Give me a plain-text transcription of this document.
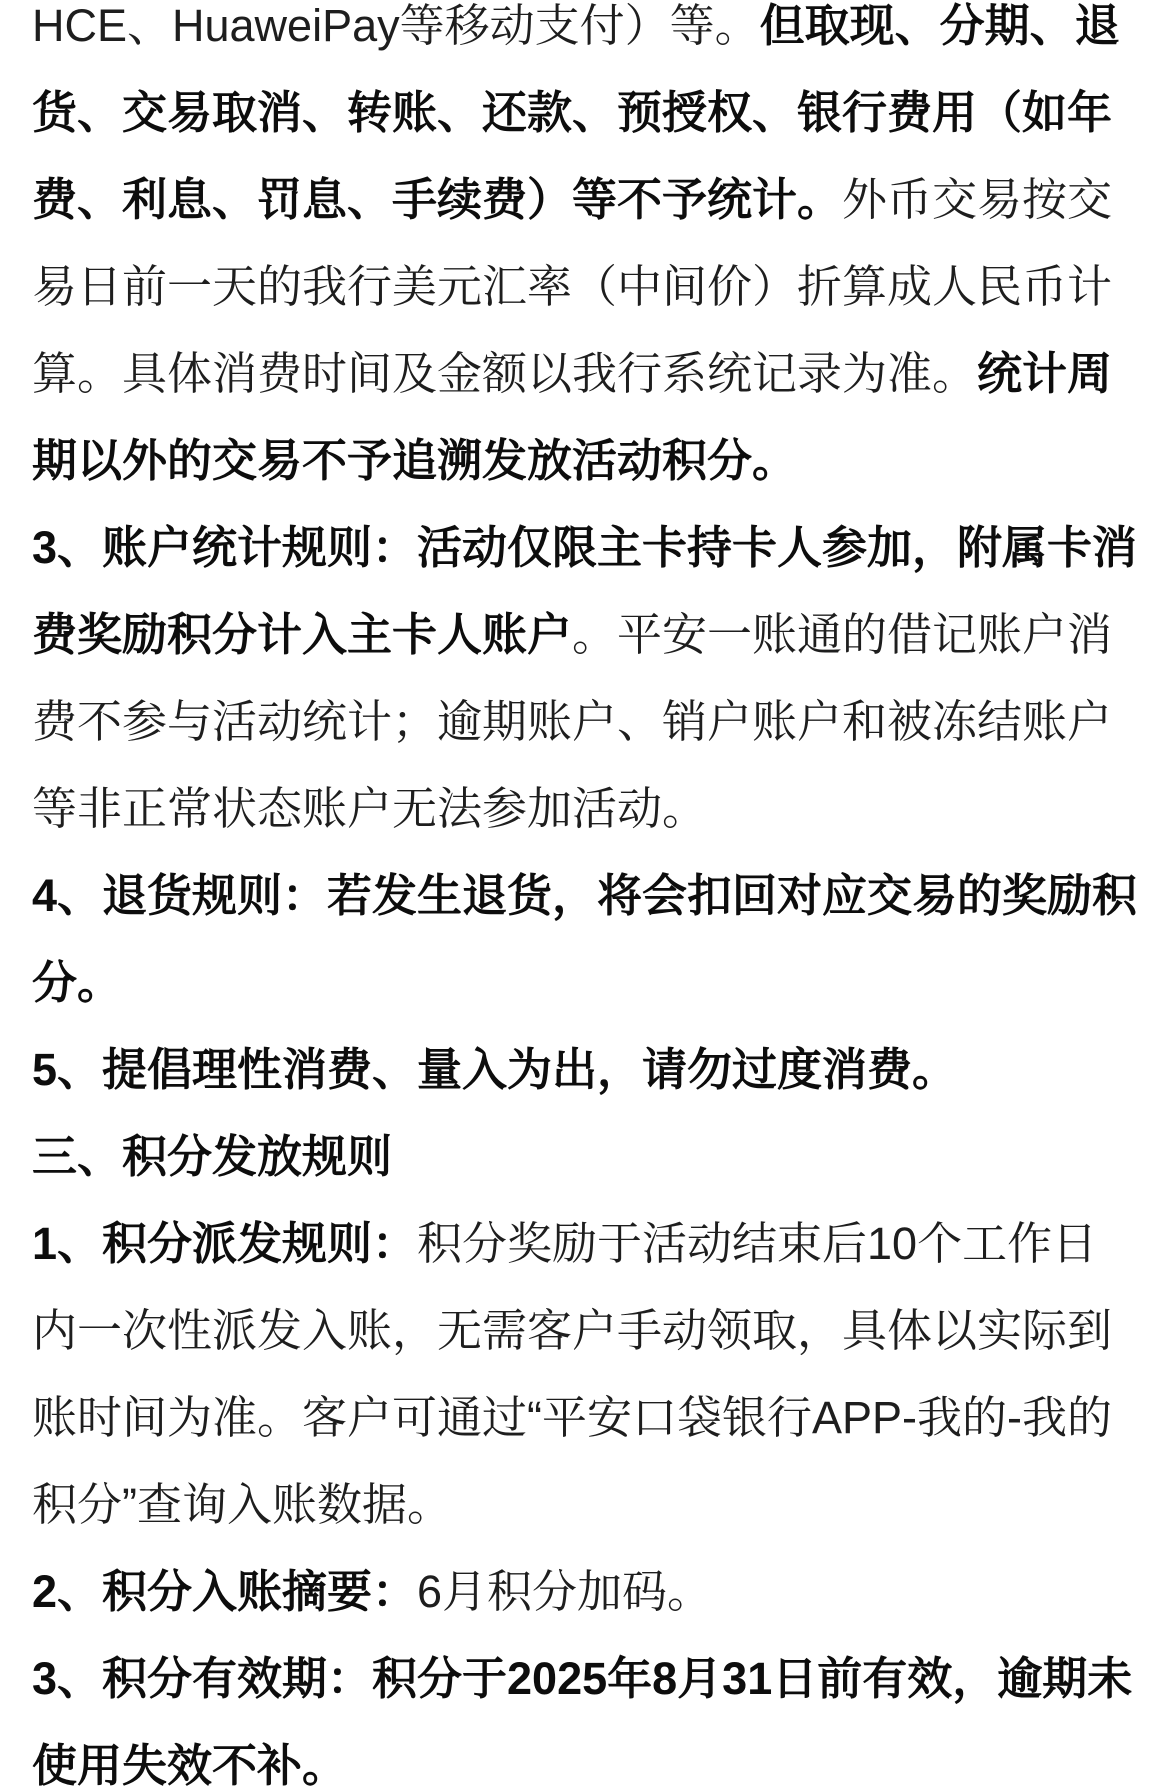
HCE、HuaweiPay等移动支付）等。但取现、分期、退
货、交易取消、转账、还款、预授权、银行费用（如年
费、利息、罚息、手续费）等不予统计。外币交易按交
易日前一天的我行美元汇率（中间价）折算成人民币计
算。具体消费时间及金额以我行系统记录为准。统计周
期以外的交易不予追溯发放活动积分。
3、账户统计规则：活动仅限主卡持卡人参加，附属卡消
费奖励积分计入主卡人账户。平安一账通的借记账户消
费不参与活动统计；逾期账户、销户账户和被冻结账户
等非正常状态账户无法参加活动。
4、退货规则：若发生退货，将会扣回对应交易的奖励积
分。
5、提倡理性消费、量入为出，请勿过度消费。
三、积分发放规则
1、积分派发规则：积分奖励于活动结束后10个工作日
内一次性派发入账，无需客户手动领取，具体以实际到
账时间为准。客户可通过“平安口袋银行APP-我的-我的
积分”查询入账数据。
2、积分入账摘要：6月积分加码。
3、积分有效期：积分于2025年8月31日前有效，逾期未
使用失效不补。
